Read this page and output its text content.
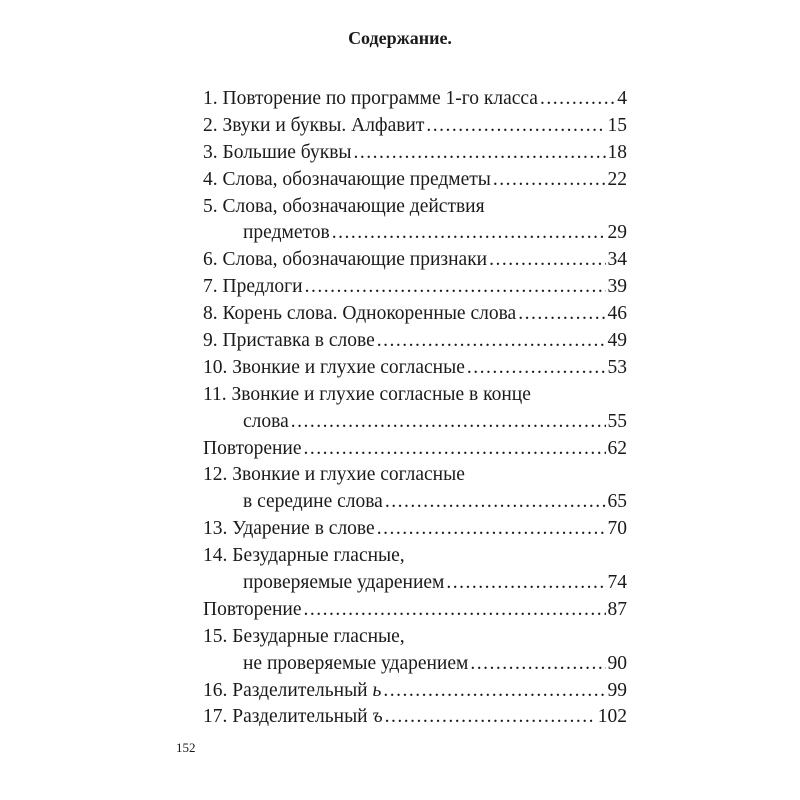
Содержание.
1. Повторение по программе 1-го класса .....	4
2. Звуки и буквы. Алфавит .....	15
3. Большие буквы .....	18
4. Слова, обозначающие предметы .....	22
5. Слова, обозначающие действия
предметов .....	29
6. Слова, обозначающие признаки .....	34
7. Предлоги .....	39
8. Корень слова. Однокоренные слова .....	46
9. Приставка в слове .....	49
10. Звонкие и глухие согласные .....	53
11. Звонкие и глухие согласные в конце
слова .....	55
Повторение .....	62
12. Звонкие и глухие согласные
в середине слова .....	65
13. Ударение в слове .....	70
14. Безударные гласные,
проверяемые ударением .....	74
Повторение .....	87
15. Безударные гласные,
не проверяемые ударением .....	90
16. Разделительный ь .....	99
17. Разделительный ъ .....	102
152
